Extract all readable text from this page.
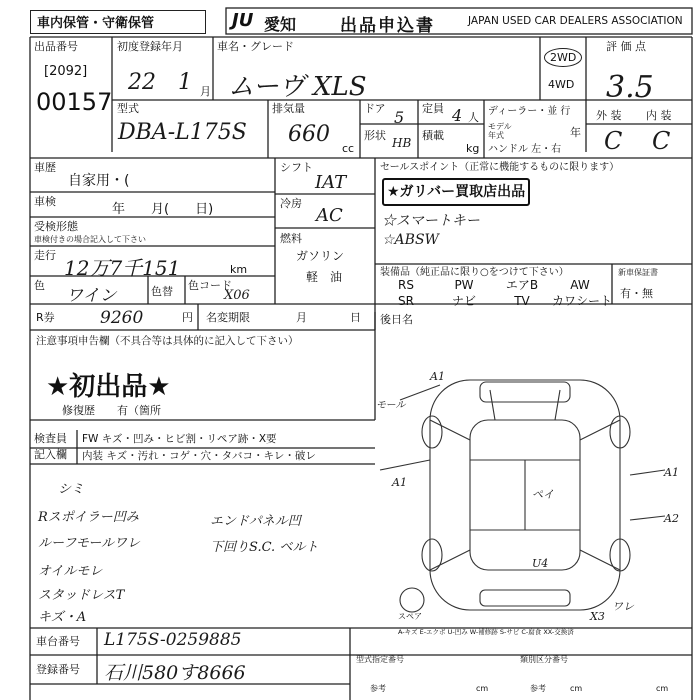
車内保管・守衛保管	JU 愛知	出品申込書	JAPAN USED CAR DEALERS ASSOCIATION
出品番号
[2092]
00157
初度登録年月
22 1 月
車名・グレード
ムーヴ XLS
2WD
4WD
評 価 点
3.5
型式
DBA-L175S
排気量
660
cc
ドア 5 定員 4 人
形状
HB
積載
kg
ディーラー・並 行
モデル
年式	年
ハンドル 左・右
外 装 内 装
C C
車歴
自家用・(
車検
年　　月(　　日)
受検形態
車検付きの場合記入して下さい
走行
12万7千151	km
色
ワイン	色替 色コード
X06
シフト
IAT
冷房
AC
燃料
ガソリン
軽　油
セールスポイント（正常に機能するものに限ります）
★ガリバー買取店出品
☆スマートキー
☆ABSW
装備品（純正品に限り○をつけて下さい）
RS	PW	エアB	AW
SR	ナビ	TV	カワシート
新車保証書
有・無
R券	9260	円 名変期限	月	日 後日名
注意事項申告欄（不具合等は具体的に記入して下さい）
★初出品★
修復歴　　有（箇所
検査員
記入欄
FW キズ・凹み・ヒビ割・リペア跡・X要
内装 キズ・汚れ・コゲ・穴・タバコ・キレ・破レ
シミ
Rスポイラー凹み
ルーフモールワレ
オイルモレ
スタッドレスT
キズ・A
エンドパネル凹
下回りS.C. ベルト
A1
モール
A1
ペイ
U4
A1
スペア
A2
ワレ
X3
A-キズ E-エクボ U-凹み W-補修跡 S-サビ C-腐食 XX-交換済
車台番号 L175S-0259885
登録番号 石川580す8666
型式指定番号	類別区分番号
参考	参考
cm	cm	cm
